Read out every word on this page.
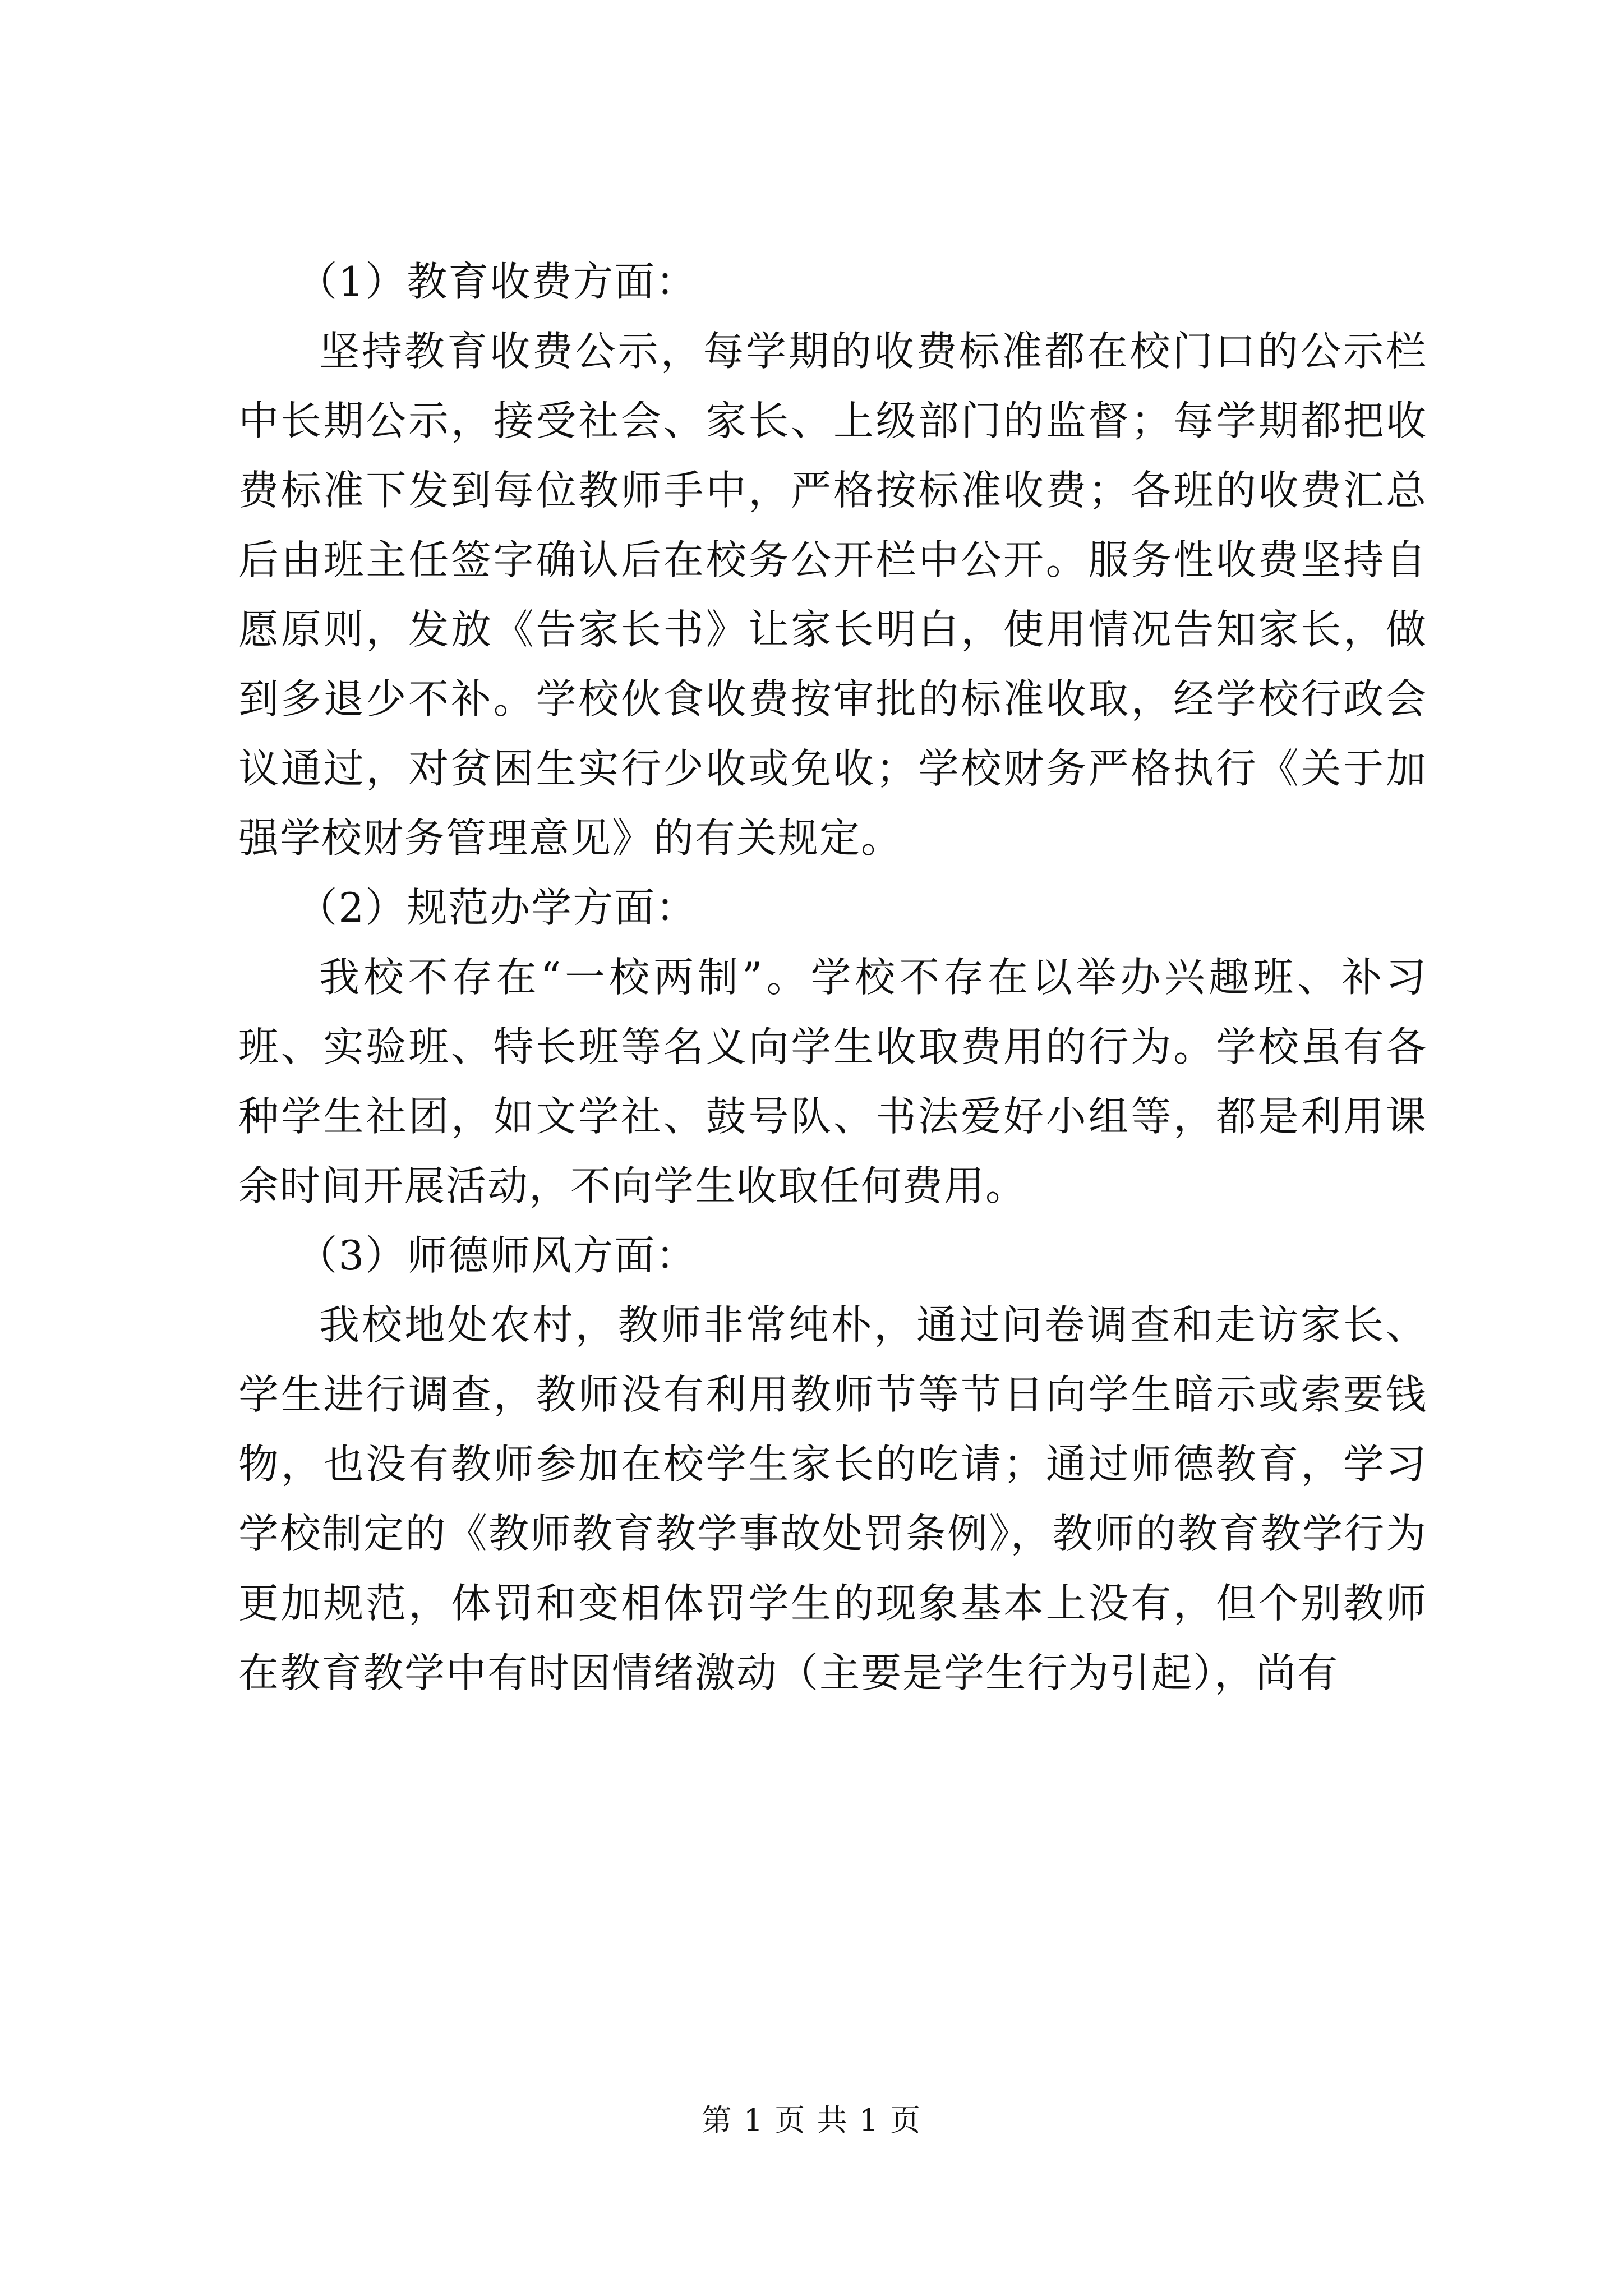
（1）教育收费方面：

坚持教育收费公示，每学期的收费标准都在校门口的公示栏中长期公示，接受社会、家长、上级部门的监督；每学期都把收费标准下发到每位教师手中，严格按标准收费；各班的收费汇总后由班主任签字确认后在校务公开栏中公开。服务性收费坚持自愿原则，发放《告家长书》让家长明白，使用情况告知家长，做到多退少不补。学校伙食收费按审批的标准收取，经学校行政会议通过，对贫困生实行少收或免收；学校财务严格执行《关于加强学校财务管理意见》的有关规定。

（2）规范办学方面：

我校不存在“一校两制”。学校不存在以举办兴趣班、补习班、实验班、特长班等名义向学生收取费用的行为。学校虽有各种学生社团，如文学社、鼓号队、书法爱好小组等，都是利用课余时间开展活动，不向学生收取任何费用。

（3）师德师风方面：

我校地处农村，教师非常纯朴，通过问卷调查和走访家长、学生进行调查，教师没有利用教师节等节日向学生暗示或索要钱物，也没有教师参加在校学生家长的吃请；通过师德教育，学习学校制定的《教师教育教学事故处罚条例》，教师的教育教学行为更加规范，体罚和变相体罚学生的现象基本上没有，但个别教师在教育教学中有时因情绪激动（主要是学生行为引起），尚有

第 1 页 共 1 页
